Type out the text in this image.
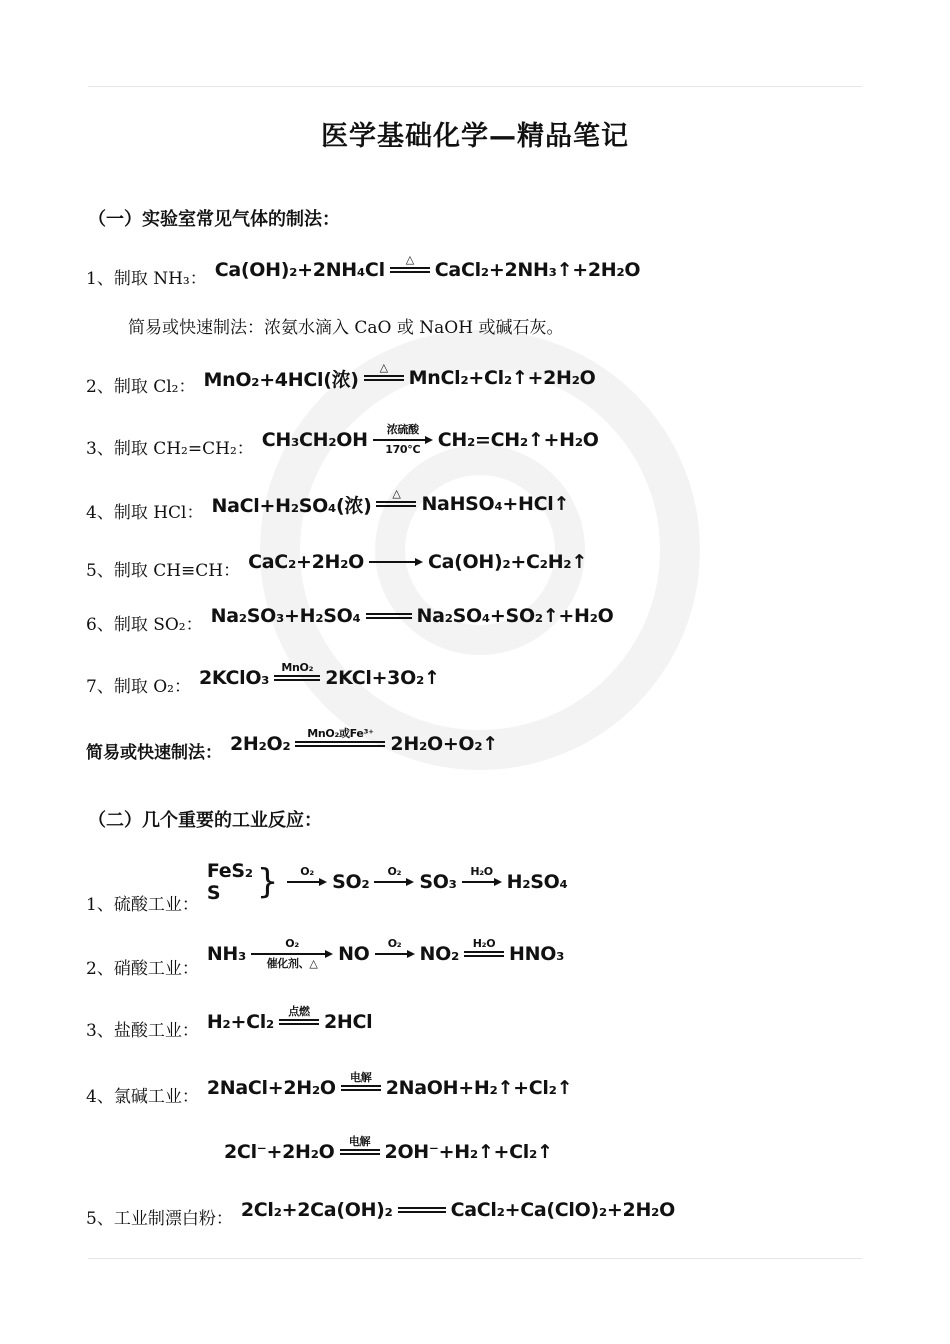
医学基础化学—精品笔记
（一）实验室常见气体的制法：
1、制取 NH₃： Ca(OH)₂+2NH₄Cl △ CaCl₂+2NH₃↑+2H₂O
简易或快速制法：浓氨水滴入 CaO 或 NaOH 或碱石灰。
2、制取 Cl₂： MnO₂+4HCl(浓)
△ MnCl₂+Cl₂↑+2H₂O
3、制取 CH₂=CH₂： CH₃CH₂OH 浓硫酸
170℃ CH₂=CH₂↑+H₂O
4、制取 HCl： NaCl+H₂SO₄(浓)
△ NaHSO₄+HCl↑
5、制取 CH≡CH： CaC₂+2H₂O	Ca(OH)₂+C₂H₂↑
6、制取 SO₂： Na₂SO₃+H₂SO₄	Na₂SO₄+SO₂↑+H₂O
7、制取 O₂： 2KClO₃ MnO₂ 2KCl+3O₂↑
简易或快速制法： 2H₂O₂ MnO₂或Fe³⁺ 2H₂O+O₂↑
（二）几个重要的工业反应：
1、硫酸工业：
FeS₂
S	} O₂ SO₂ O₂ SO₃ H₂O H₂SO₄
2、硝酸工业：
NH₃	O₂
催化剂、△ NO O₂ NO₂ H₂O HNO₃
3、盐酸工业： H₂+Cl₂ 点燃 2HCl
4、氯碱工业： 2NaCl+2H₂O 电解 2NaOH+H₂↑+Cl₂↑
2Cl⁻+2H₂O 电解 2OH⁻+H₂↑+Cl₂↑
5、工业制漂白粉： 2Cl₂+2Ca(OH)₂	CaCl₂+Ca(ClO)₂+2H₂O
